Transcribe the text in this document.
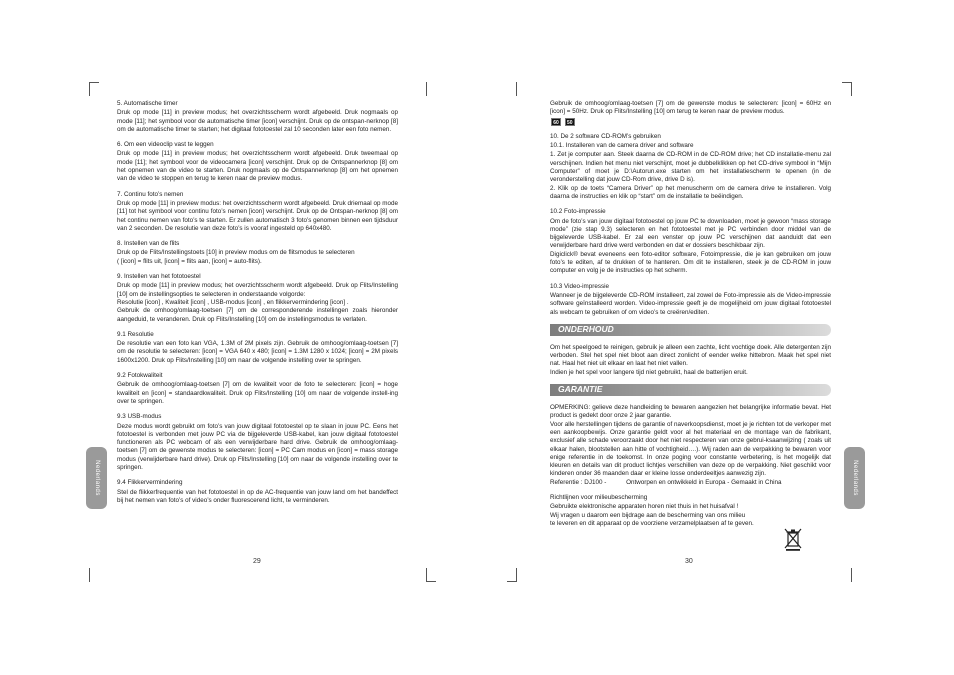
5. Automatische timer

Druk op mode [11] in preview modus; het overzichtsscherm wordt afgebeeld. Druk nogmaals op mode [11]; het symbool voor de automatische timer [icon] verschijnt. Druk op de ontspan-nerknop [8] om de automatische timer te starten; het digitaal fototoestel zal 10 seconden later een foto nemen.

6. Om een videoclip vast te leggen

Druk op mode [11] in preview modus; het overzichtsscherm wordt afgebeeld. Druk tweemaal op mode [11]; het symbool voor de videocamera [icon] verschijnt. Druk op de Ontspannerknop [8] om het opnemen van de video te starten. Druk nogmaals op de Ontspannerknop [8] om het opnemen van de video te stoppen en terug te keren naar de preview modus.

7. Continu foto’s nemen

Druk op mode [11] in preview modus: het overzichtsscherm wordt afgebeeld. Druk driemaal op mode [11] tot het symbool voor continu foto’s nemen [icon] verschijnt. Druk op de Ontspan-nerknop [8] om het continu nemen van foto’s te starten. Er zullen automatisch 3 foto’s genomen binnen een tijdsduur van 2 seconden. De resolutie van deze foto’s is vooraf ingesteld op 640x480.

8. Instellen van de flits

Druk op de Flits/Instellingstoets [10] in preview modus om de flitsmodus te selecteren

( [icon] = flits uit, [icon] = flits aan, [icon] = auto-flits).

9. Instellen van het fototoestel

Druk op mode [11] in preview modus; het overzichtsscherm wordt afgebeeld. Druk op Flits/Instelling [10] om de instellingsopties te selecteren in onderstaande volgorde:

Resolutie [icon] , Kwaliteit [icon] , USB-modus [icon] , en flikkervermindering [icon] .

Gebruik de omhoog/omlaag-toetsen [7] om de corresponderende instellingen zoals hieronder aangeduid, te veranderen. Druk op Flits/Instelling [10] om de instellingsmodus te verlaten.

9.1 Resolutie

De resolutie van een foto kan VGA, 1.3M of 2M pixels zijn. Gebruik de omhoog/omlaag-toetsen [7] om de resolutie te selecteren: [icon] = VGA 640 x 480; [icon] = 1.3M 1280 x 1024; [icon] = 2M pixels 1600x1200. Druk op Flits/Instelling [10] om naar de volgende instelling over te springen.

9.2 Fotokwaliteit

Gebruik de omhoog/omlaag-toetsen [7] om de kwaliteit voor de foto te selecteren: [icon] = hoge kwaliteit en [icon] = standaardkwaliteit. Druk op Flits/Instelling [10] om naar de volgende instell-ing over te springen.

9.3 USB-modus

Deze modus wordt gebruikt om foto’s van jouw digitaal fototoestel op te slaan in jouw PC. Eens het fototoestel is verbonden met jouw PC via de bijgeleverde USB-kabel, kan jouw digitaal fototoestel functioneren als PC webcam of als een verwijderbare hard drive. Gebruik de omhoog/omlaag-toetsen [7] om de gewenste modus te selecteren: [icon] = PC Cam modus en [icon] = mass storage modus (verwijderbare hard drive). Druk op Flits/Instelling [10] om naar de volgende instelling over te springen.

9.4 Flikkervermindering

Stel de flikkerfrequentie van het fototoestel in op de AC-frequentie van jouw land om het bandeffect bij het nemen van foto’s of video’s onder fluorescerend licht, te verminderen.

Nederlands
29

Gebruik de omhoog/omlaag-toetsen [7] om de gewenste modus te selecteren: [icon] = 60Hz en [icon] = 50Hz. Druk op Flits/Instelling [10] om terug te keren naar de preview modus.

60 50
10. De 2 software CD-ROM’s gebruiken
10.1. Installeren van de camera driver and software

1. Zet je computer aan. Steek daarna de CD-ROM in de CD-ROM drive; het CD installatie-menu zal verschijnen. Indien het menu niet verschijnt, moet je dubbelklikken op het CD-drive symbool in “Mijn Computer” of moet je D:\Autorun.exe starten om het installatiescherm te openen (in de veronderstelling dat jouw CD-Rom drive, drive D is).

2. Klik op de toets “Camera Driver” op het menuscherm om de camera drive te installeren. Volg daarna de instructies en klik op “start” om de installatie te beëindigen.

10.2 Foto-impressie

Om de foto’s van jouw digitaal fototoestel op jouw PC te downloaden, moet je gewoon “mass storage mode” (zie stap 9.3) selecteren en het fototoestel met je PC verbinden door middel van de bijgeleverde USB-kabel. Er zal een venster op jouw PC verschijnen dat aanduidt dat een verwijderbare hard drive werd verbonden en dat er dossiers beschikbaar zijn.

Digiclick® bevat eveneens een foto-editor software, Fotoimpressie, die je kan gebruiken om jouw foto’s te editen, af te drukken of te hanteren. Om dit te installeren, steek je de CD-ROM in jouw computer en volg je de instructies op het scherm.

10.3 Video-impressie

Wanneer je de bijgeleverde CD-ROM installeert, zal zowel de Foto-impressie als de Video-impressie software geïnstalleerd worden. Video-impressie geeft je de mogelijheid om jouw digitaal fototoestel als webcam te gebruiken of om video’s te creëren/editen.

ONDERHOUD

Om het speelgoed te reinigen, gebruik je alleen een zachte, licht vochtige doek. Alle detergenten zijn verboden. Stel het spel niet bloot aan direct zonlicht of eender welke hittebron. Maak het spel niet nat. Haal het niet uit elkaar en laat het niet vallen.

Indien je het spel voor langere tijd niet gebruikt, haal de batterijen eruit.

GARANTIE

OPMERKING: gelieve deze handleiding te bewaren aangezien het belangrijke informatie bevat. Het product is gedekt door onze 2 jaar garantie.

Voor alle herstellingen tijdens de garantie of naverkoopsdienst, moet je je richten tot de verkoper met een aankoopbewijs. Onze garantie geldt voor al het materiaal en de montage van de fabrikant, exclusief alle schade veroorzaakt door het niet respecteren van onze gebrui-ksaanwijzing ( zoals uit elkaar halen, blootstellen aan hitte of vochtigheid….). Wij raden aan de verpakking te bewaren voor enige referentie in de toekomst. In onze poging voor constante verbetering, is het mogelijk dat kleuren en details van dit product lichtjes verschillen van deze op de verpakking. Niet geschikt voor kinderen onder 36 maanden daar er kleine losse onderdeeltjes aanwezig zijn.

Referentie : DJ100 -	Ontworpen en ontwikkeld in Europa - Gemaakt in China

Richtlijnen voor milieubescherming

Gebruikte elektronische apparaten horen niet thuis in het huisafval !

Wij vragen u daarom een bijdrage aan de bescherming van ons milieu

te leveren en dit apparaat op de voorziene verzamelplaatsen af te geven.

Nederlands
30
